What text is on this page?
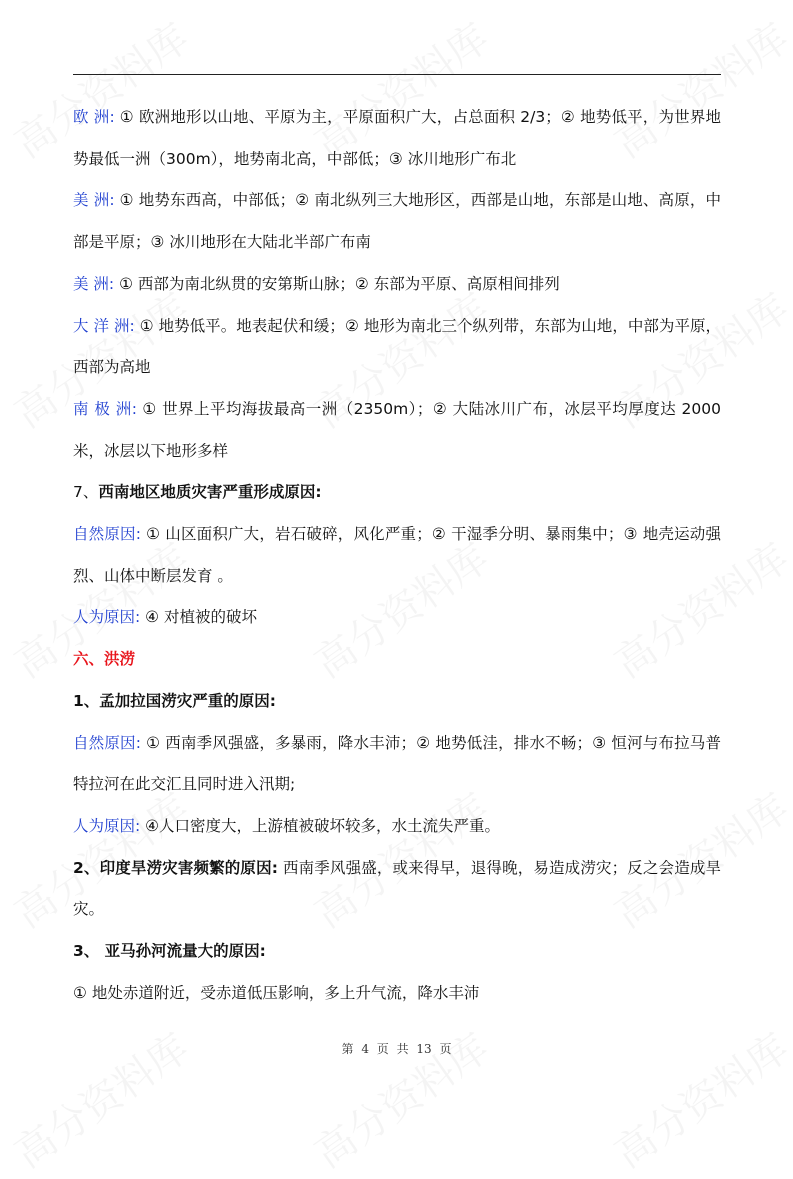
欧 洲: ① 欧洲地形以山地、平原为主，平原面积广大，占总面积 2/3；② 地势低平，为世界地势最低一洲（300m），地势南北高，中部低；③ 冰川地形广布北

美 洲: ① 地势东西高，中部低；② 南北纵列三大地形区，西部是山地，东部是山地、高原，中部是平原；③ 冰川地形在大陆北半部广布南

美 洲: ① 西部为南北纵贯的安第斯山脉；② 东部为平原、高原相间排列

大 洋 洲: ① 地势低平。地表起伏和缓；② 地形为南北三个纵列带，东部为山地，中部为平原，西部为高地

南 极 洲: ① 世界上平均海拔最高一洲（2350m）；② 大陆冰川广布，冰层平均厚度达 2000 米，冰层以下地形多样

7、西南地区地质灾害严重形成原因:

自然原因: ① 山区面积广大，岩石破碎，风化严重；② 干湿季分明、暴雨集中；③ 地壳运动强烈、山体中断层发育 。

人为原因: ④ 对植被的破坏

六、洪涝

1、孟加拉国涝灾严重的原因:

自然原因: ① 西南季风强盛，多暴雨，降水丰沛；② 地势低洼，排水不畅；③ 恒河与布拉马普特拉河在此交汇且同时进入汛期;

人为原因: ④人口密度大，上游植被破坏较多，水土流失严重。

2、印度旱涝灾害频繁的原因: 西南季风强盛，或来得早，退得晚，易造成涝灾；反之会造成旱灾。

3、 亚马孙河流量大的原因:

① 地处赤道附近，受赤道低压影响，多上升气流，降水丰沛

第 4 页 共 13 页
